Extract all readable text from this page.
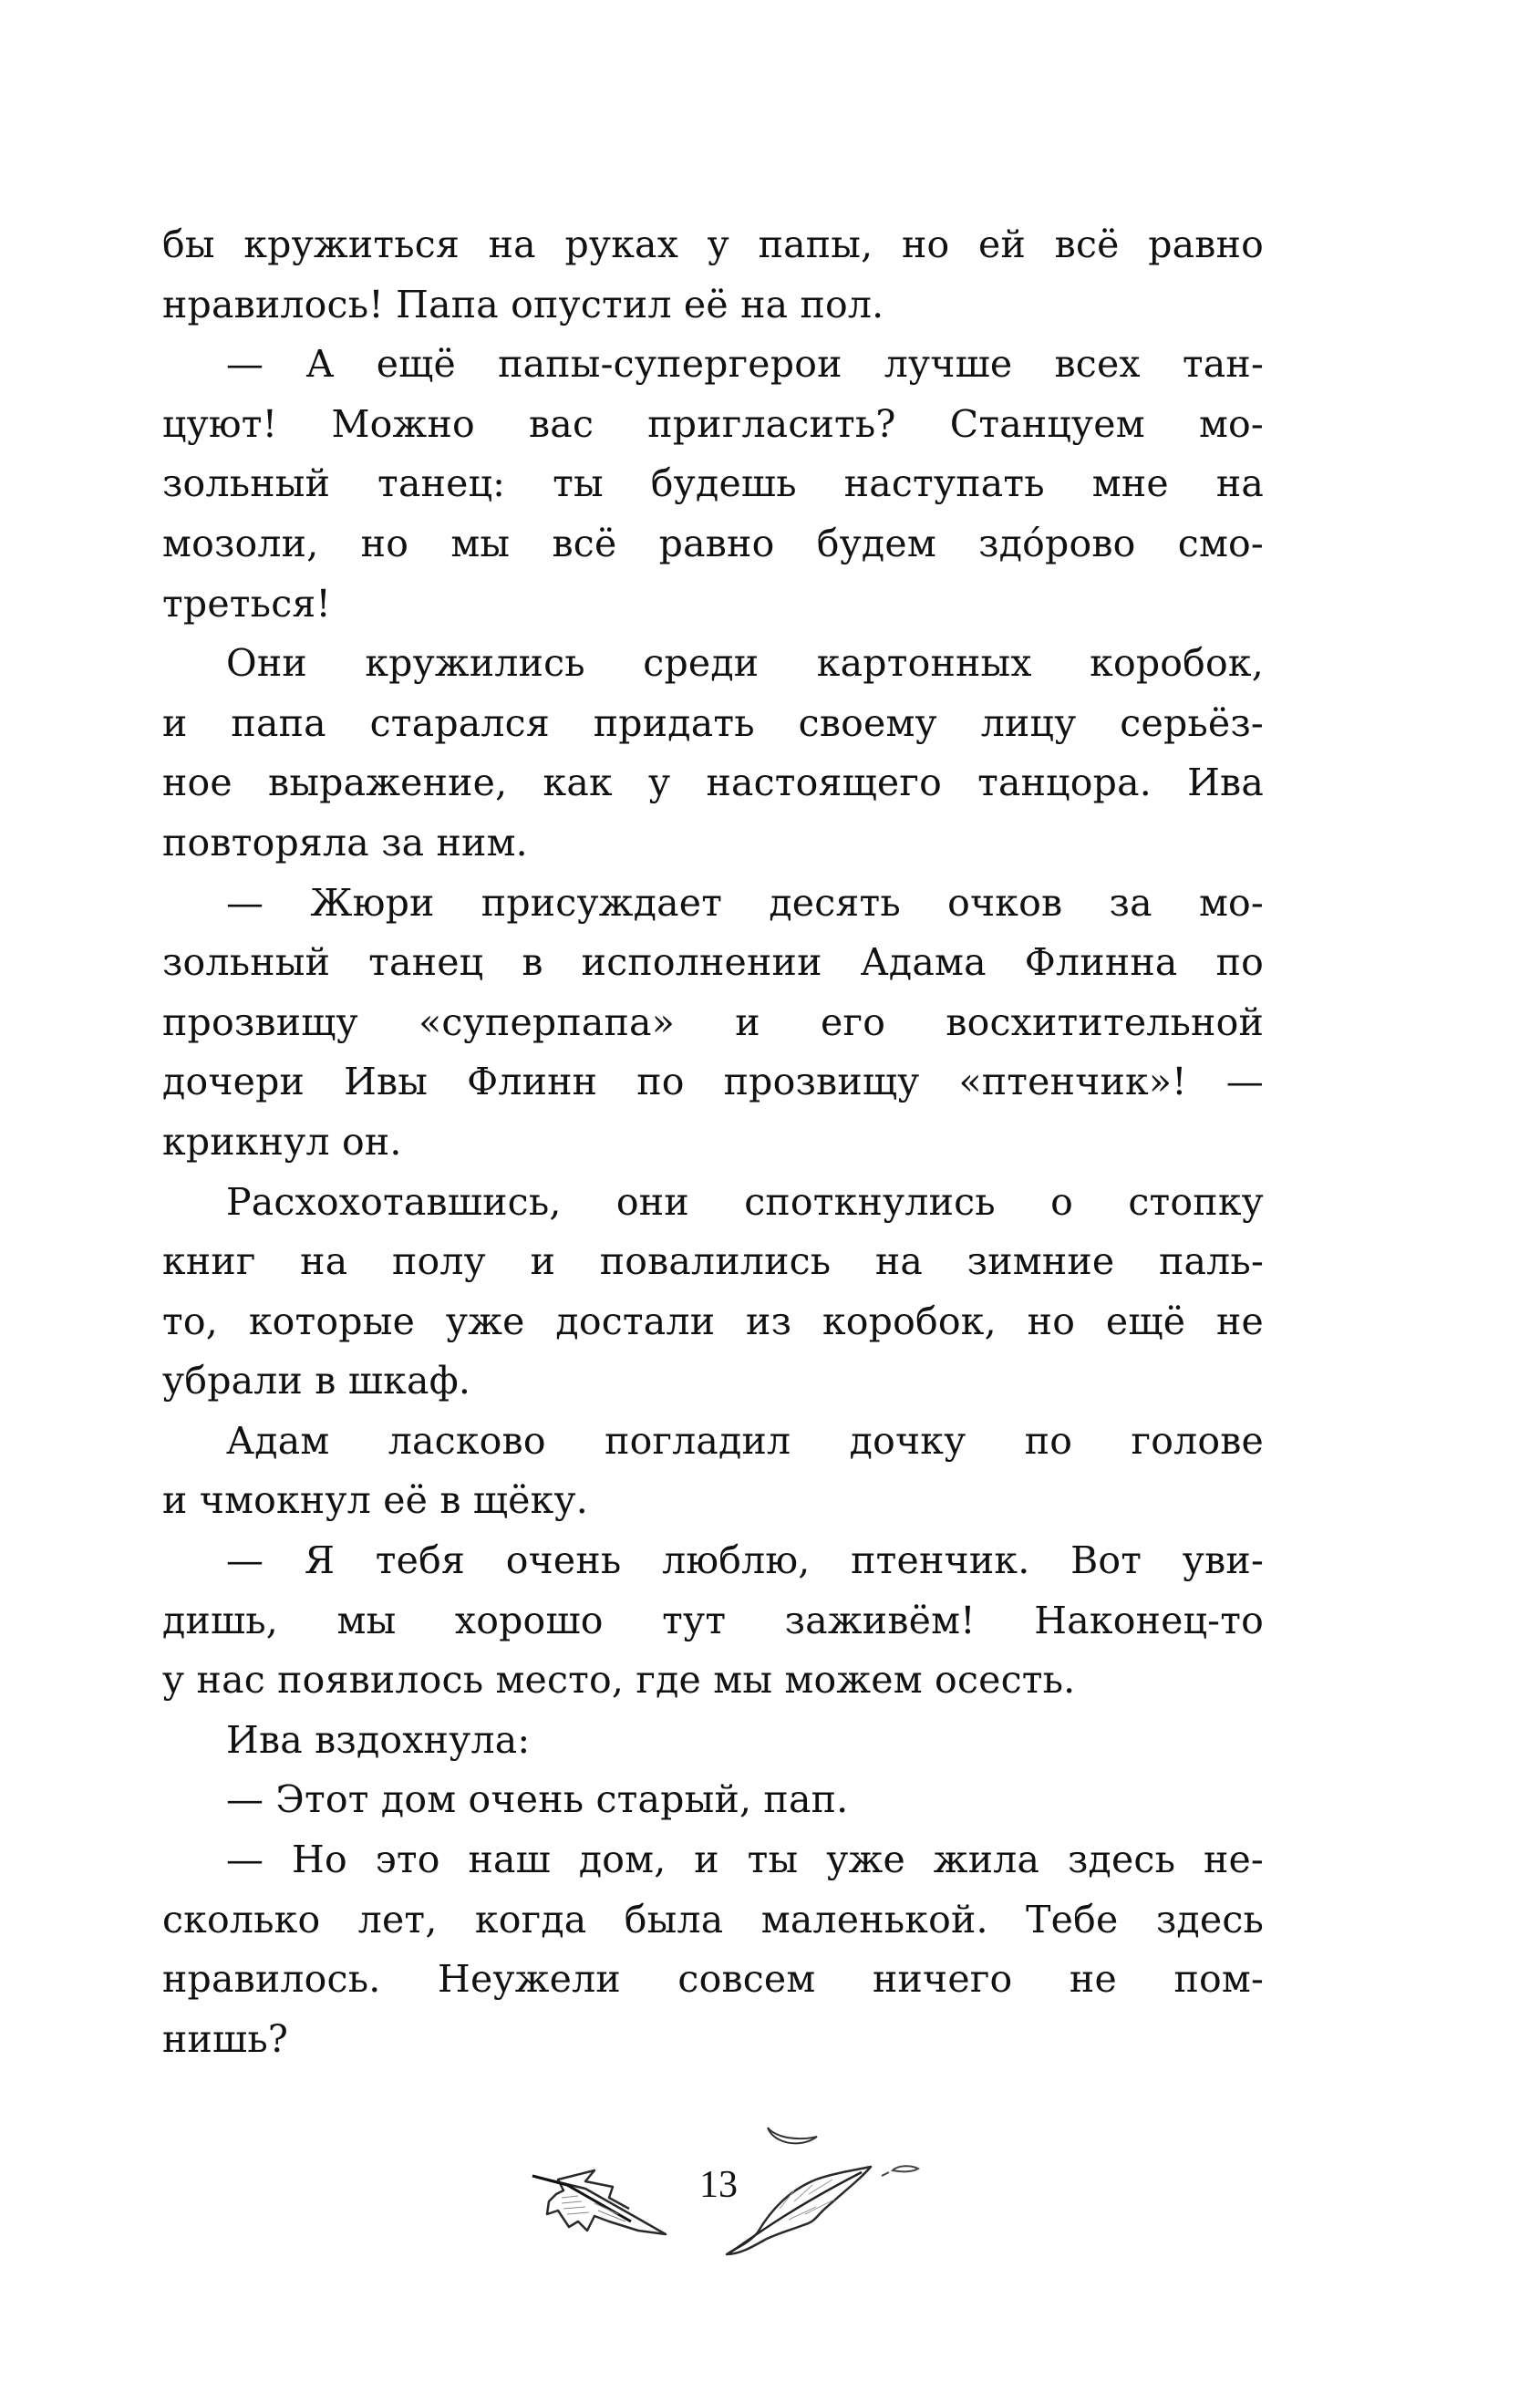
бы кружиться на руках у папы, но ей всё равно
нравилось! Папа опустил её на пол.
— А ещё папы-супергерои лучше всех тан-
цуют! Можно вас пригласить? Станцуем мо-
зольный танец: ты будешь наступать мне на
мозоли, но мы всё равно будем здóрово смо-
треться!
Они кружились среди картонных коробок,
и папа старался придать своему лицу серьёз-
ное выражение, как у настоящего танцора. Ива
повторяла за ним.
— Жюри присуждает десять очков за мо-
зольный танец в исполнении Адама Флинна по
прозвищу «суперпапа» и его восхитительной
дочери Ивы Флинн по прозвищу «птенчик»! —
крикнул он.
Расхохотавшись, они споткнулись о стопку
книг на полу и повалились на зимние паль-
то, которые уже достали из коробок, но ещё не
убрали в шкаф.
Адам ласково погладил дочку по голове
и чмокнул её в щёку.
— Я тебя очень люблю, птенчик. Вот уви-
дишь, мы хорошо тут заживём! Наконец-то
у нас появилось место, где мы можем осесть.
Ива вздохнула:
— Этот дом очень старый, пап.
— Но это наш дом, и ты уже жила здесь не-
сколько лет, когда была маленькой. Тебе здесь
нравилось. Неужели совсем ничего не пом-
нишь?
13
